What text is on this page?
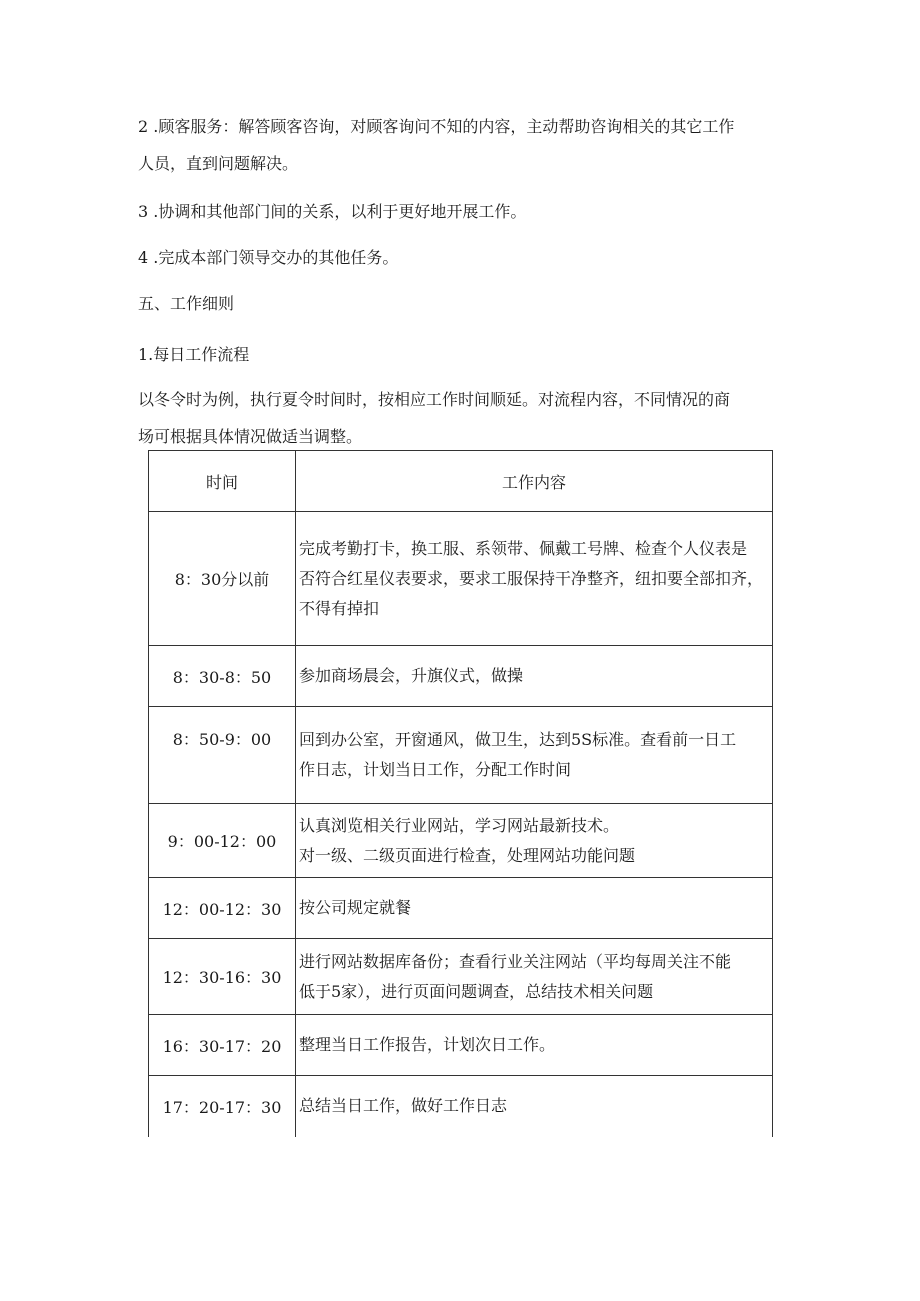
2 .顾客服务：解答顾客咨询，对顾客询问不知的内容，主动帮助咨询相关的其它工作
人员，直到问题解决。

3 .协调和其他部门间的关系，以利于更好地开展工作。

4 .完成本部门领导交办的其他任务。

五、工作细则

1.每日工作流程

以冬令时为例，执行夏令时间时，按相应工作时间顺延。对流程内容，不同情况的商
场可根据具体情况做适当调整。

时间	工作内容
8：30分以前	完成考勤打卡，换工服、系领带、佩戴工号牌、检查个人仪表是
否符合红星仪表要求，要求工服保持干净整齐，纽扣要全部扣齐，
不得有掉扣

8：30-8：50	参加商场晨会，升旗仪式，做操

8：50-9：00	回到办公室，开窗通风，做卫生，达到5S标准。查看前一日工
作日志，计划当日工作，分配工作时间

9：00-12：00	认真浏览相关行业网站，学习网站最新技术。
对一级、二级页面进行检查，处理网站功能问题

12：00-12：30	按公司规定就餐

12：30-16：30	进行网站数据库备份；查看行业关注网站（平均每周关注不能
低于5家），进行页面问题调查，总结技术相关问题

16：30-17：20	整理当日工作报告，计划次日工作。

17：20-17：30	总结当日工作，做好工作日志
